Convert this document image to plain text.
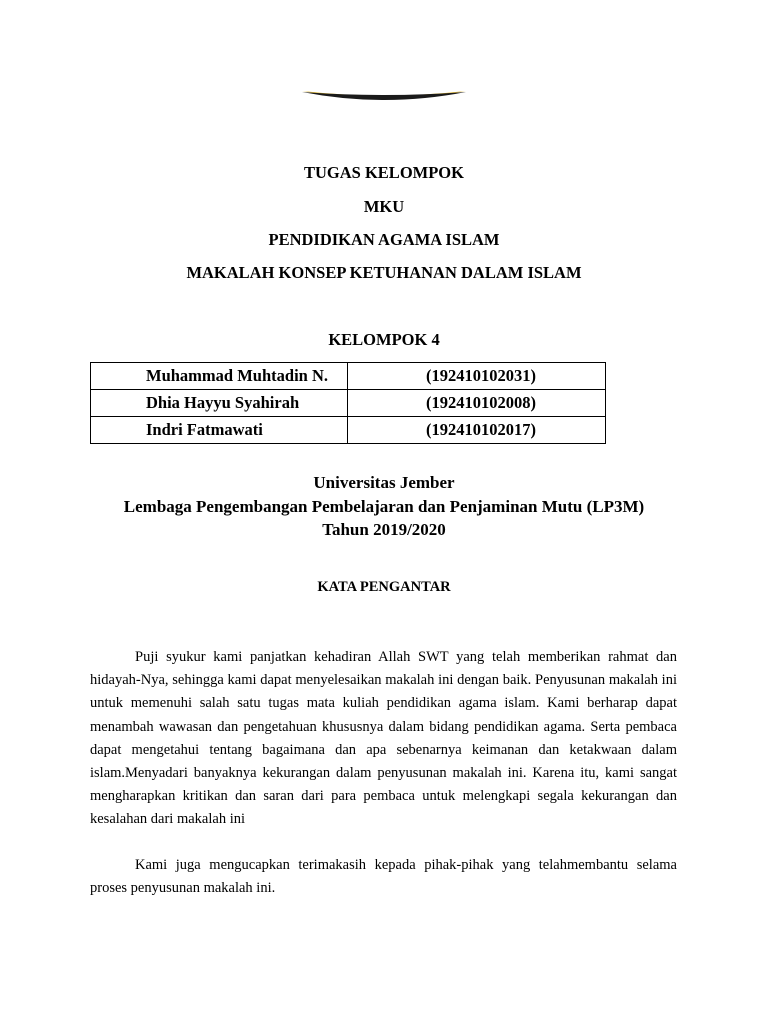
TUGAS KELOMPOK
MKU
PENDIDIKAN AGAMA ISLAM
MAKALAH KONSEP KETUHANAN DALAM ISLAM
KELOMPOK 4
Muhammad Muhtadin N.	(192410102031)
Dhia Hayyu Syahirah	(192410102008)
Indri Fatmawati	(192410102017)
Universitas Jember
Lembaga Pengembangan Pembelajaran dan Penjaminan Mutu (LP3M)
Tahun 2019/2020
KATA PENGANTAR

Puji syukur kami panjatkan kehadiran Allah SWT yang telah memberikan rahmat dan hidayah-Nya, sehingga kami dapat menyelesaikan makalah ini dengan baik. Penyusunan makalah ini untuk memenuhi salah satu tugas mata kuliah pendidikan agama islam. Kami berharap dapat menambah wawasan dan pengetahuan khususnya dalam bidang pendidikan agama. Serta pembaca dapat mengetahui tentang bagaimana dan apa sebenarnya keimanan dan ketakwaan dalam islam.Menyadari banyaknya kekurangan dalam penyusunan makalah ini. Karena itu, kami sangat mengharapkan kritikan dan saran dari para pembaca untuk melengkapi segala kekurangan dan kesalahan dari makalah ini

Kami juga mengucapkan terimakasih kepada pihak-pihak yang telahmembantu selama proses penyusunan makalah ini.
